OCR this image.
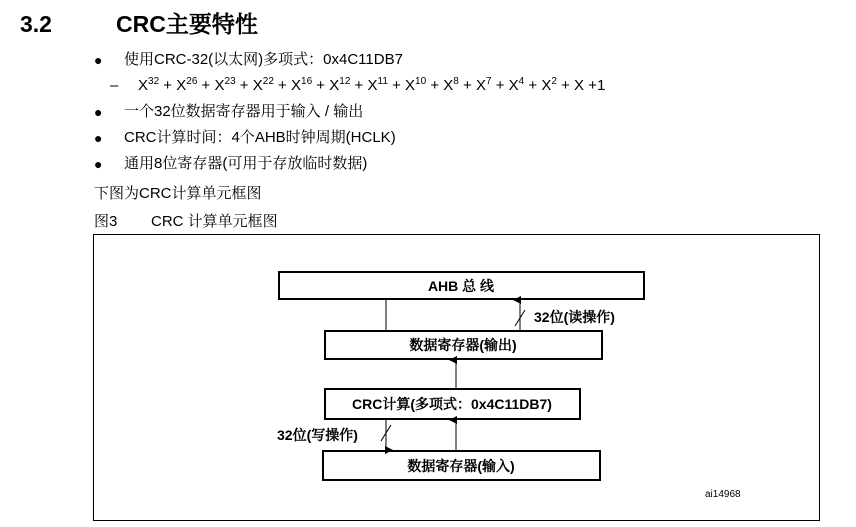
3.2	CRC主要特性
●	使用CRC-32(以太网)多项式：0x4C11DB7
–	$X^{32} + X^{26} + X^{23} + X^{22} + X^{16} + X^{12} + X^{11} + X^{10} + X^8 + X^7 + X^4 + X^2 + X +1$
●	一个32位数据寄存器用于输入 / 输出
●	CRC计算时间：4个AHB时钟周期(HCLK)
●	通用8位寄存器(可用于存放临时数据)
下图为CRC计算单元框图
图3 CRC 计算单元框图
AHB 总 线
数据寄存器(输出)
CRC计算(多项式：0x4C11DB7)
数据寄存器(输入)
32位(读操作)
32位(写操作)
ai14968
